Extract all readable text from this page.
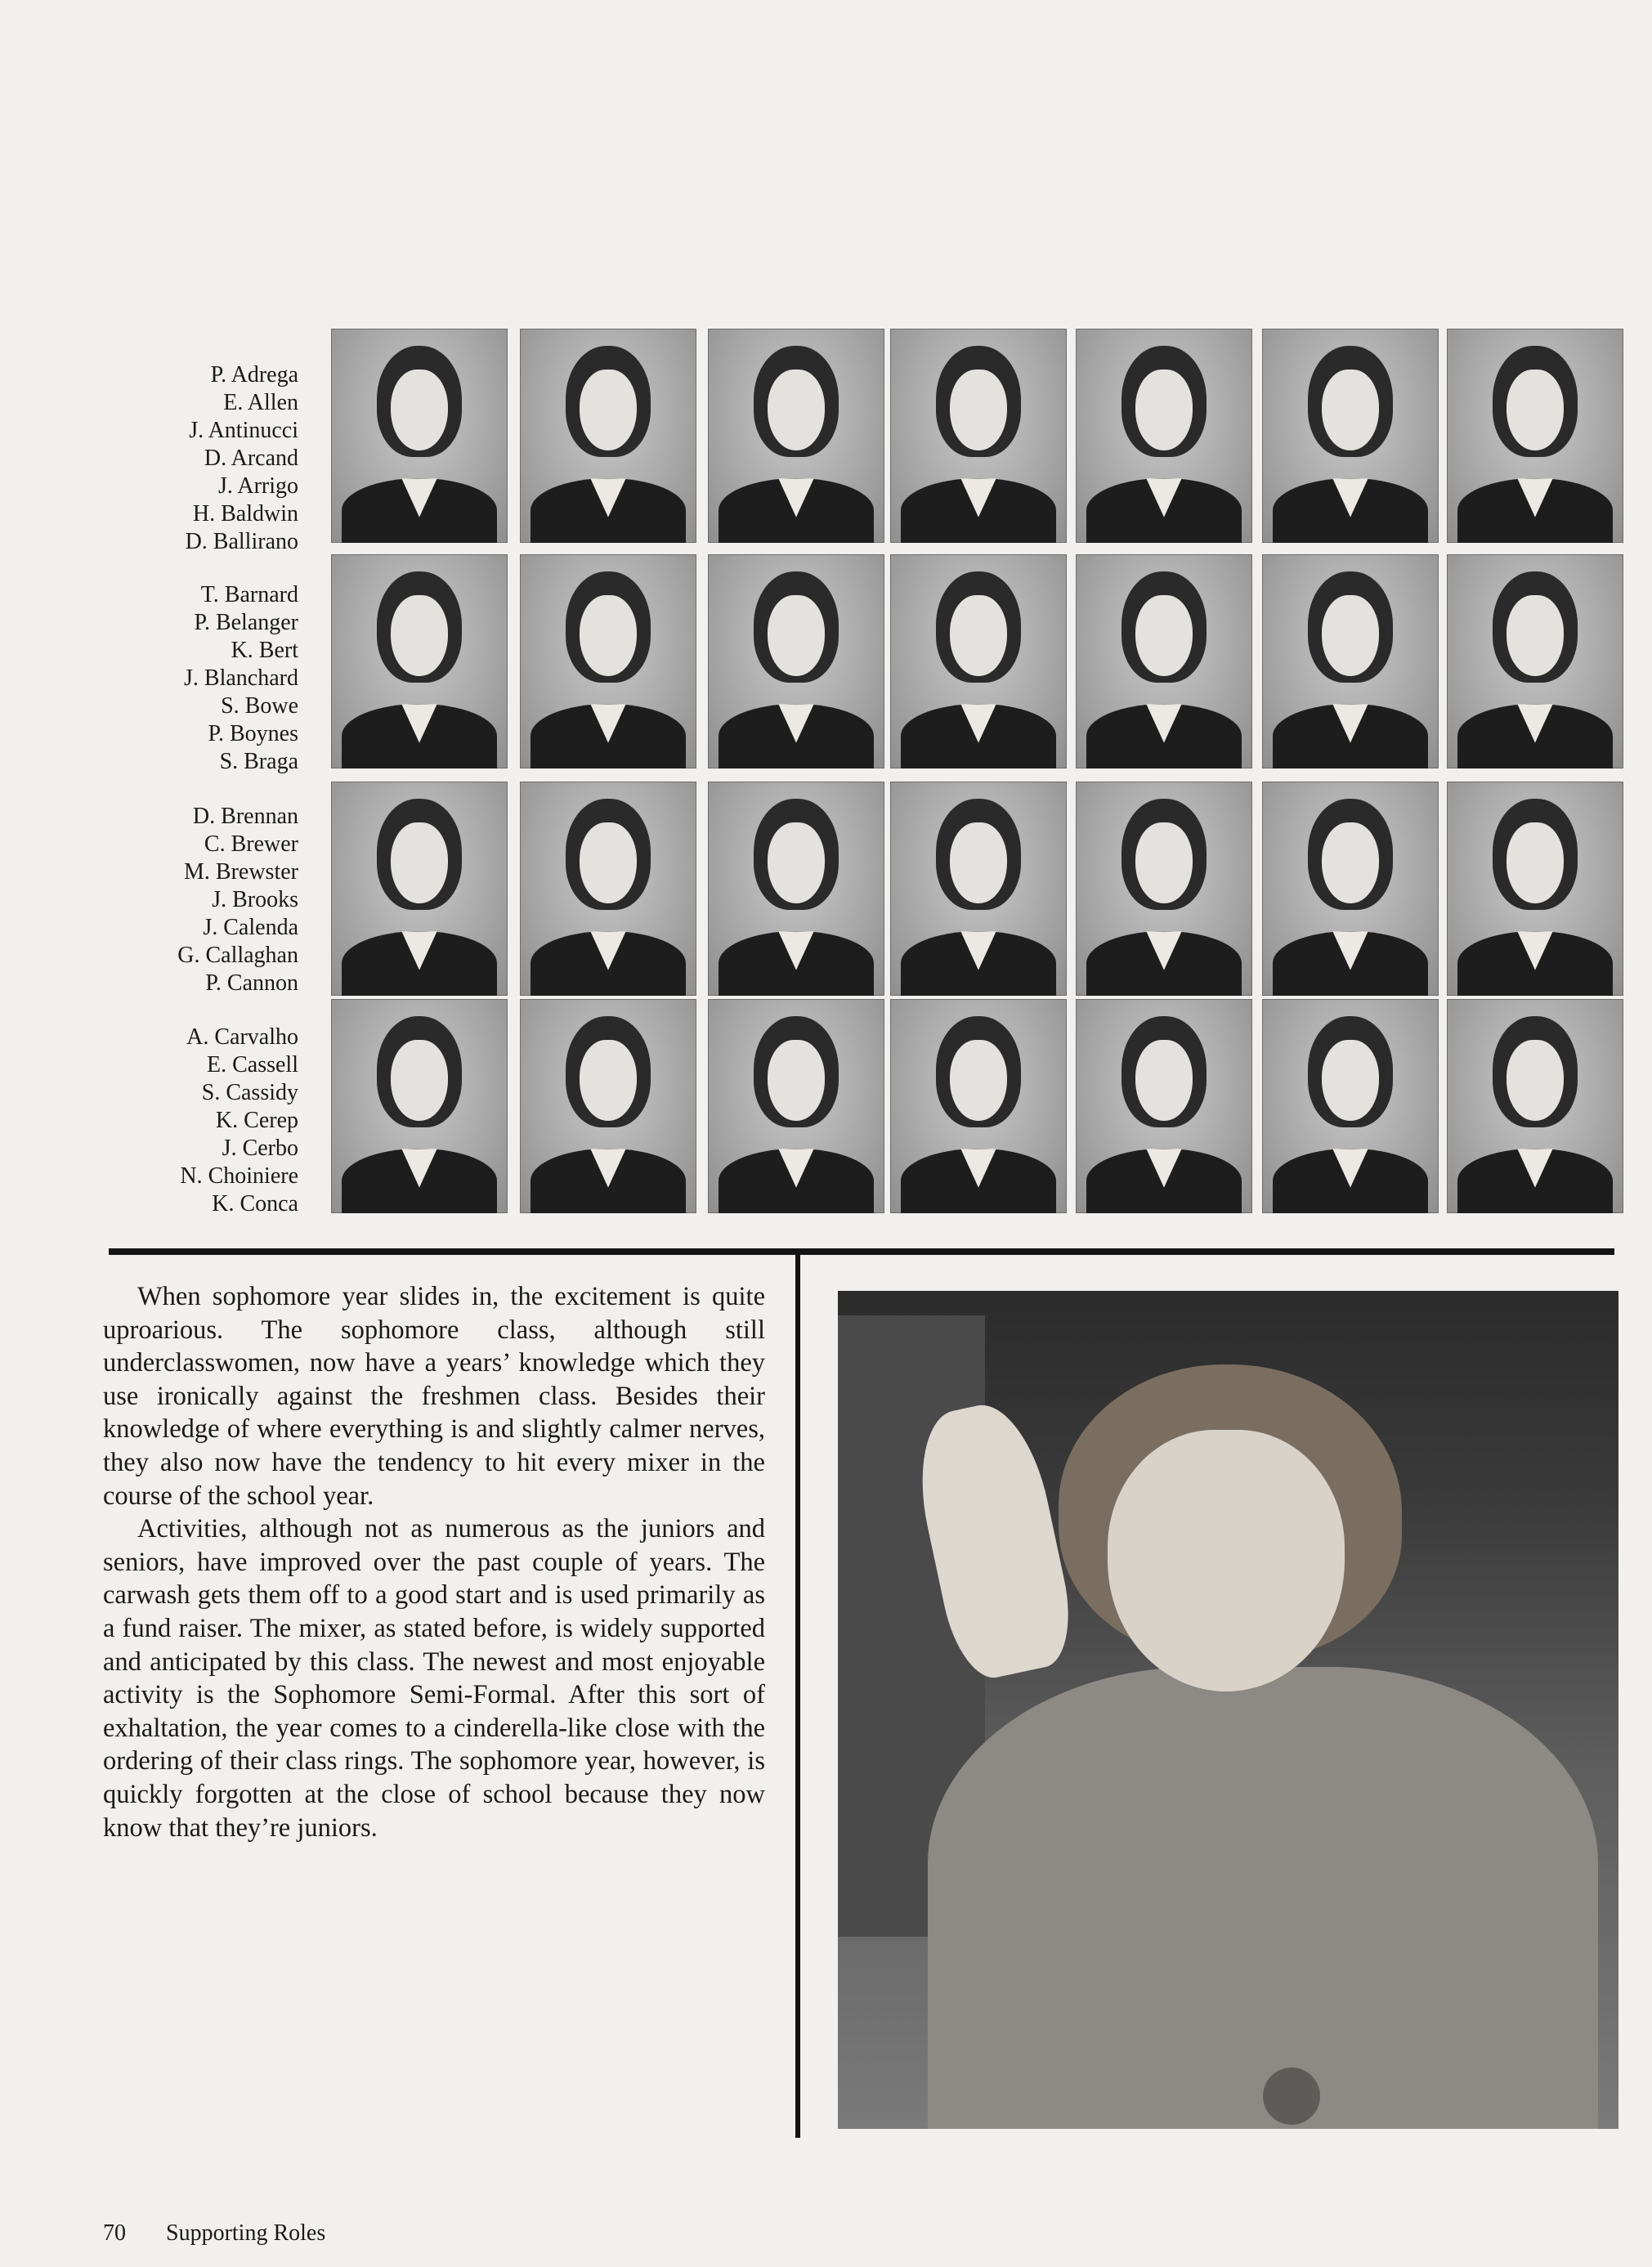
P. Adrega
E. Allen
J. Antinucci
D. Arcand
J. Arrigo
H. Baldwin
D. Ballirano
T. Barnard
P. Belanger
K. Bert
J. Blanchard
S. Bowe
P. Boynes
S. Braga
D. Brennan
C. Brewer
M. Brewster
J. Brooks
J. Calenda
G. Callaghan
P. Cannon
A. Carvalho
E. Cassell
S. Cassidy
K. Cerep
J. Cerbo
N. Choiniere
K. Conca

When sophomore year slides in, the excitement is quite uproarious. The sophomore class, although still underclasswomen, now have a years’ knowledge which they use ironically against the freshmen class. Besides their knowledge of where everything is and slightly calmer nerves, they also now have the tendency to hit every mixer in the course of the school year.

Activities, although not as numerous as the juniors and seniors, have improved over the past couple of years. The carwash gets them off to a good start and is used primarily as a fund raiser. The mixer, as stated before, is widely supported and anticipated by this class. The newest and most enjoyable activity is the Sophomore Semi-Formal. After this sort of exhaltation, the year comes to a cinderella-like close with the ordering of their class rings. The sophomore year, however, is quickly forgotten at the close of school because they now know that they’re juniors.

70 Supporting Roles
